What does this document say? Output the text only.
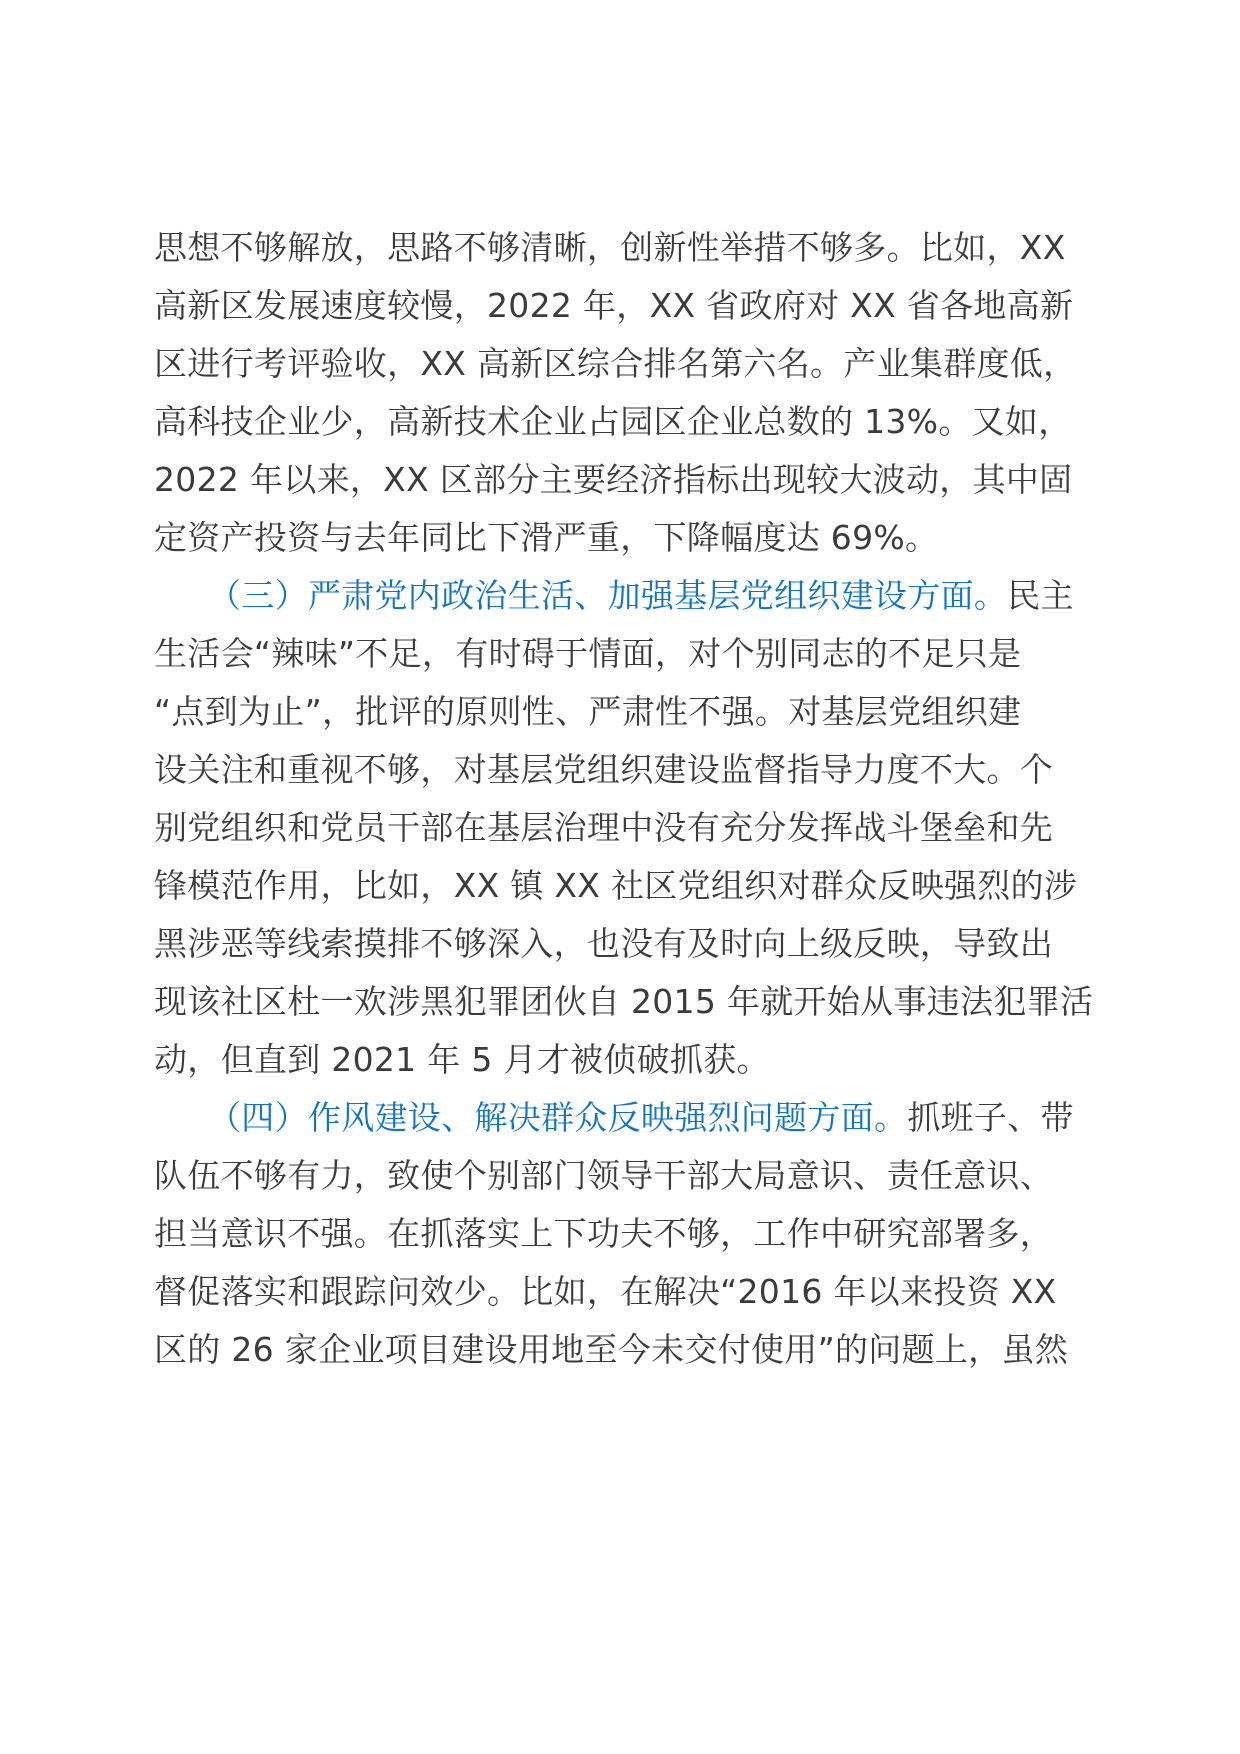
思想不够解放，思路不够清晰，创新性举措不够多。比如，XX
高新区发展速度较慢，2022 年，XX 省政府对 XX 省各地高新
区进行考评验收，XX 高新区综合排名第六名。产业集群度低，
高科技企业少，高新技术企业占园区企业总数的 13%。又如，
2022 年以来，XX 区部分主要经济指标出现较大波动，其中固
定资产投资与去年同比下滑严重，下降幅度达 69%。
（三）严肃党内政治生活、加强基层党组织建设方面。民主
生活会“辣味”不足，有时碍于情面，对个别同志的不足只是
“点到为止”，批评的原则性、严肃性不强。对基层党组织建
设关注和重视不够，对基层党组织建设监督指导力度不大。个
别党组织和党员干部在基层治理中没有充分发挥战斗堡垒和先
锋模范作用，比如，XX 镇 XX 社区党组织对群众反映强烈的涉
黑涉恶等线索摸排不够深入，也没有及时向上级反映，导致出
现该社区杜一欢涉黑犯罪团伙自 2015 年就开始从事违法犯罪活
动，但直到 2021 年 5 月才被侦破抓获。
（四）作风建设、解决群众反映强烈问题方面。抓班子、带
队伍不够有力，致使个别部门领导干部大局意识、责任意识、
担当意识不强。在抓落实上下功夫不够，工作中研究部署多，
督促落实和跟踪问效少。比如，在解决“2016 年以来投资 XX
区的 26 家企业项目建设用地至今未交付使用”的问题上，虽然
